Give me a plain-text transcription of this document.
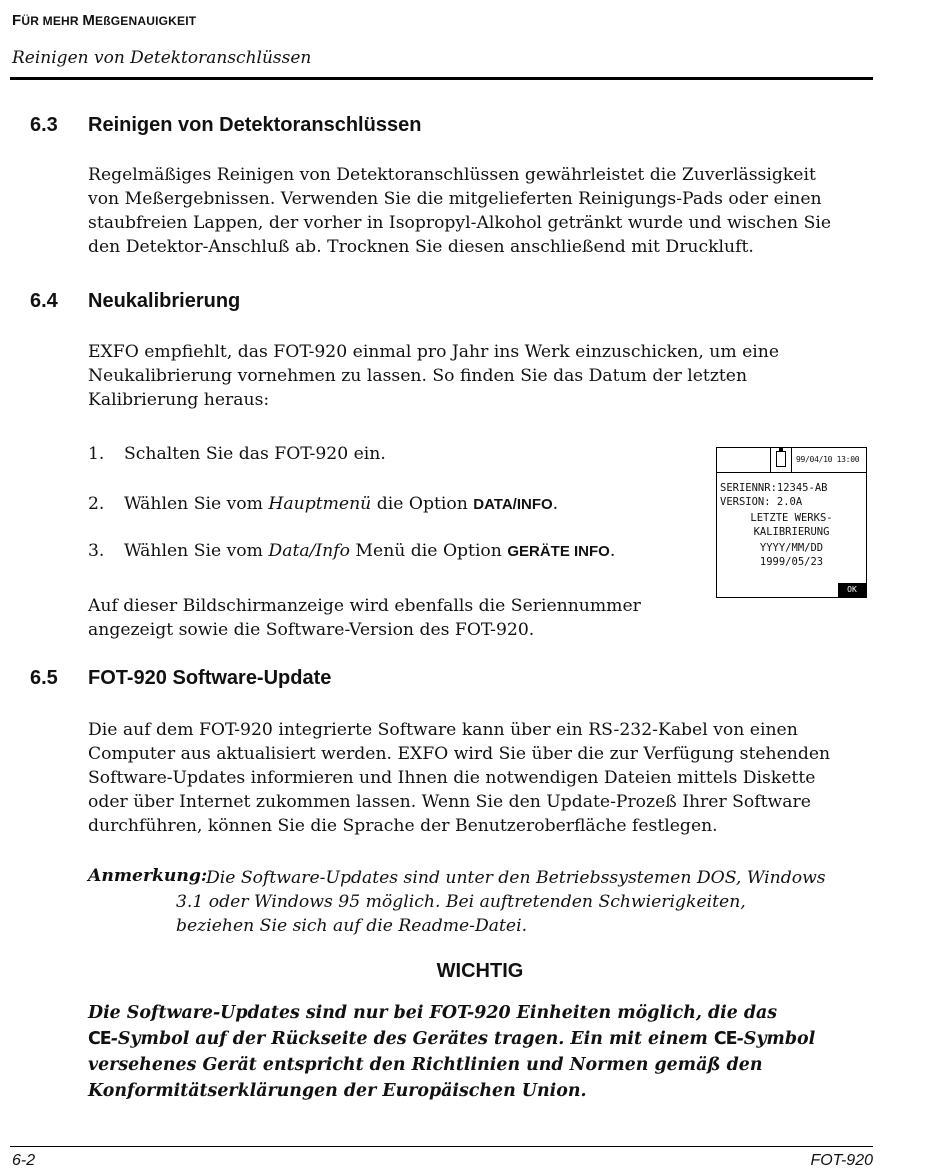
FÜR MEHR MEßGENAUIGKEIT
Reinigen von Detektoranschlüssen
6.3 Reinigen von Detektoranschlüssen
Regelmäßiges Reinigen von Detektoranschlüssen gewährleistet die Zuverlässigkeit
von Meßergebnissen. Verwenden Sie die mitgelieferten Reinigungs-Pads oder einen
staubfreien Lappen, der vorher in Isopropyl-Alkohol getränkt wurde und wischen Sie
den Detektor-Anschluß ab. Trocknen Sie diesen anschließend mit Druckluft.
6.4 Neukalibrierung
EXFO empfiehlt, das FOT-920 einmal pro Jahr ins Werk einzuschicken, um eine
Neukalibrierung vornehmen zu lassen. So finden Sie das Datum der letzten
Kalibrierung heraus:
1. Schalten Sie das FOT-920 ein.
2. Wählen Sie vom Hauptmenü die Option DATA/INFO.
3. Wählen Sie vom Data/Info Menü die Option GERÄTE INFO.
Auf dieser Bildschirmanzeige wird ebenfalls die Seriennummer
angezeigt sowie die Software-Version des FOT-920.
99/04/10 13:00
SERIENNR:12345-AB
VERSION: 2.0A
LETZTE WERKS-
KALIBRIERUNG
YYYY/MM/DD
1999/05/23
OK
6.5 FOT-920 Software-Update
Die auf dem FOT-920 integrierte Software kann über ein RS-232-Kabel von einen
Computer aus aktualisiert werden. EXFO wird Sie über die zur Verfügung stehenden
Software-Updates informieren und Ihnen die notwendigen Dateien mittels Diskette
oder über Internet zukommen lassen. Wenn Sie den Update-Prozeß Ihrer Software
durchführen, können Sie die Sprache der Benutzeroberfläche festlegen.
Anmerkung:
Die Software-Updates sind unter den Betriebssystemen DOS, Windows
3.1 oder Windows 95 möglich. Bei auftretenden Schwierigkeiten,
beziehen Sie sich auf die Readme-Datei.
WICHTIG
Die Software-Updates sind nur bei FOT-920 Einheiten möglich, die das
CE-Symbol auf der Rückseite des Gerätes tragen. Ein mit einem CE-Symbol
versehenes Gerät entspricht den Richtlinien und Normen gemäß den
Konformitätserklärungen der Europäischen Union.
6-2	FOT-920
